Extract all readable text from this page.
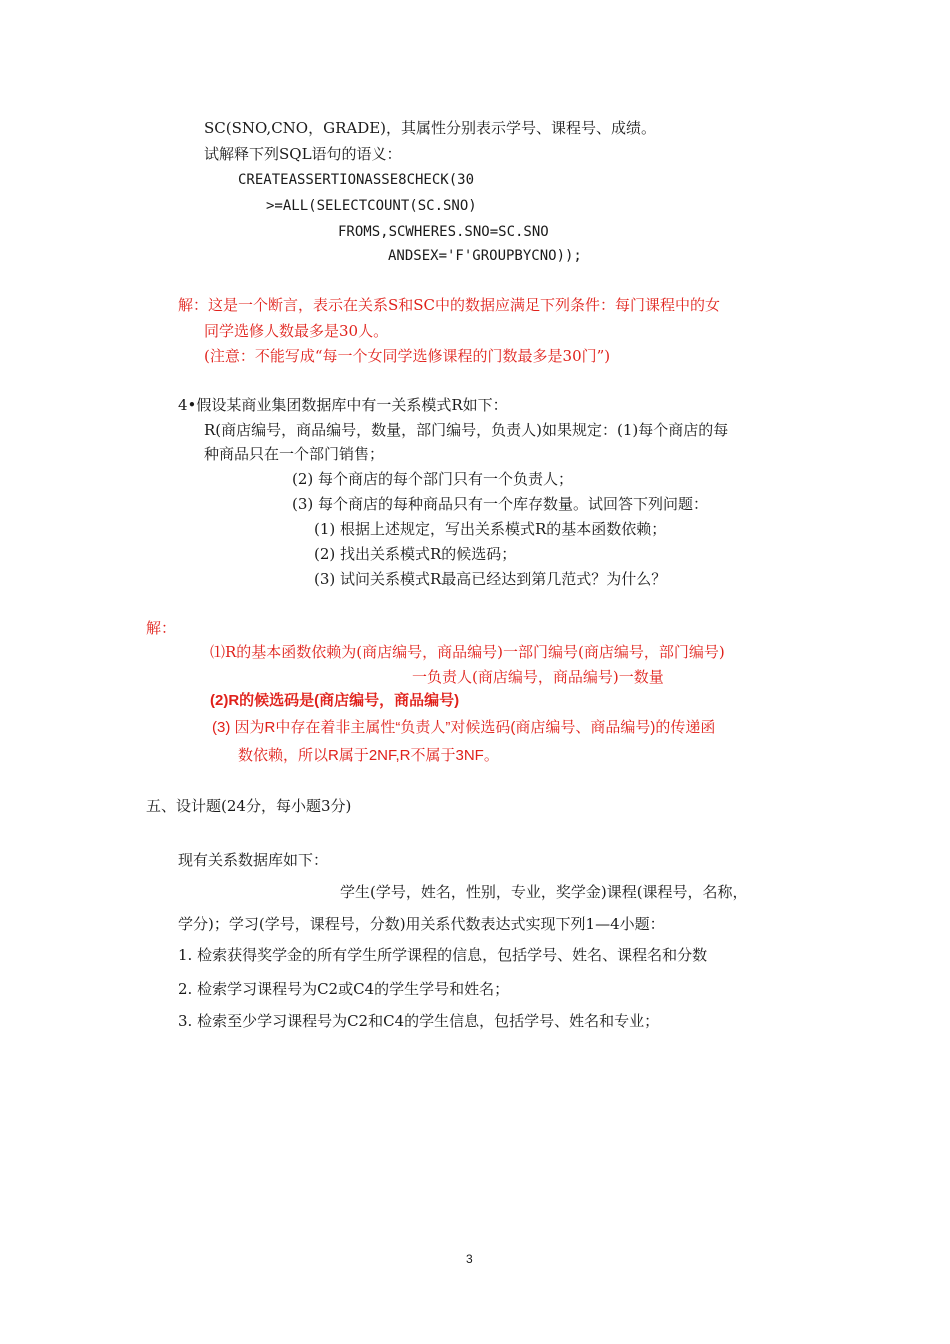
SC(SNO,CNO，GRADE)，其属性分别表示学号、课程号、成绩。
试解释下列SQL语句的语义：
CREATEASSERTIONASSE8CHECK(30
>=ALL(SELECTCOUNT(SC.SNO)
FROMS,SCWHERES.SNO=SC.SNO
ANDSEX='F'GROUPBYCNO));
解：这是一个断言，表示在关系S和SC中的数据应满足下列条件：每门课程中的女
同学选修人数最多是30人。
(注意：不能写成“每一个女同学选修课程的门数最多是30门”)
4•假设某商业集团数据库中有一关系模式R如下：
R(商店编号，商品编号，数量，部门编号，负责人)如果规定：(1)每个商店的每
种商品只在一个部门销售；
(2) 每个商店的每个部门只有一个负责人；
(3) 每个商店的每种商品只有一个库存数量。试回答下列问题：
(1) 根据上述规定，写出关系模式R的基本函数依赖；
(2) 找出关系模式R的候选码；
(3) 试问关系模式R最高已经达到第几范式？为什么？
解：
⑴R的基本函数依赖为(商店编号，商品编号)一部门编号(商店编号，部门编号)
一负责人(商店编号，商品编号)一数量
(2)R的候选码是(商店编号，商品编号)
(3) 因为R中存在着非主属性“负责人”对候选码(商店编号、商品编号)的传递函
数依赖，所以R属于2NF,R不属于3NF。
五、设计题(24分，每小题3分)
现有关系数据库如下：
学生(学号，姓名，性别，专业，奖学金)课程(课程号，名称，
学分)；学习(学号，课程号，分数)用关系代数表达式实现下列1—4小题：
1. 检索获得奖学金的所有学生所学课程的信息，包括学号、姓名、课程名和分数
2. 检索学习课程号为C2或C4的学生学号和姓名；
3. 检索至少学习课程号为C2和C4的学生信息，包括学号、姓名和专业；
3
